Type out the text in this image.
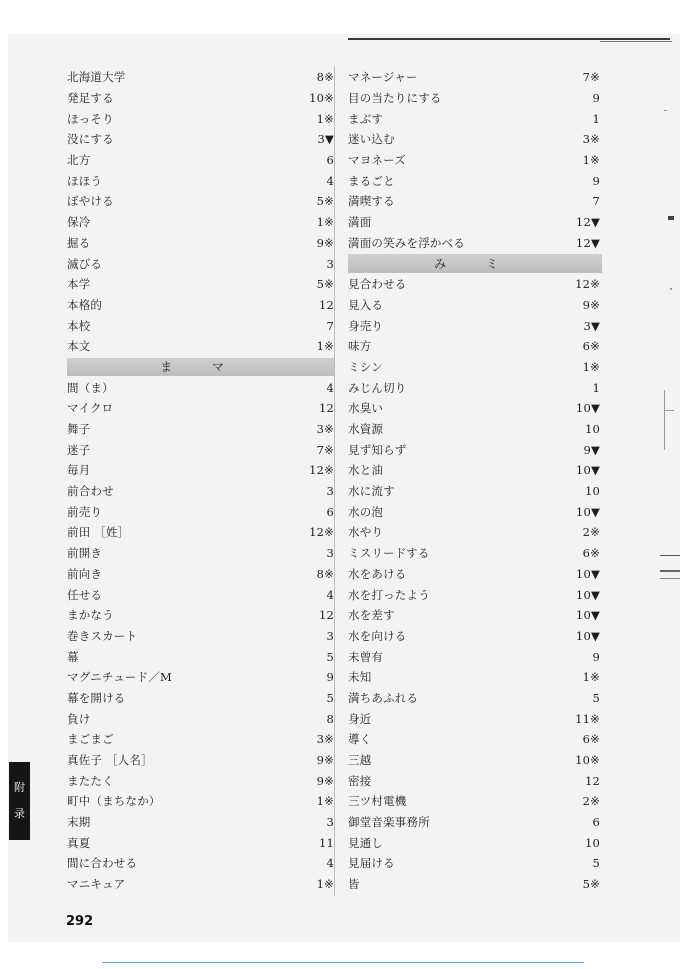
北海道大学	8※
発足する	10※
ほっそり	1※
没にする	3▼
北方	6
ほほう	4
ぼやける	5※
保冷	1※
掘る	9※
滅びる	3
本学	5※
本格的	12
本校	7
本文	1※
ま マ
間（ま）	4
マイクロ	12
舞子	3※
迷子	7※
毎月	12※
前合わせ	3
前売り	6
前田 ［姓］	12※
前開き	3
前向き	8※
任せる	4
まかなう	12
巻きスカート	3
幕	5
マグニチュード／M	9
幕を開ける	5
負け	8
まごまご	3※
真佐子 ［人名］	9※
またたく	9※
町中（まちなか）	1※
末期	3
真夏	11
間に合わせる	4
マニキュア	1※
マネージャー	7※
目の当たりにする	9
まぶす	1
迷い込む	3※
マヨネーズ	1※
まるごと	9
満喫する	7
満面	12▼
満面の笑みを浮かべる	12▼
み ミ
見合わせる	12※
見入る	9※
身売り	3▼
味方	6※
ミシン	1※
みじん切り	1
水臭い	10▼
水資源	10
見ず知らず	9▼
水と油	10▼
水に流す	10
水の泡	10▼
水やり	2※
ミスリードする	6※
水をあける	10▼
水を打ったよう	10▼
水を差す	10▼
水を向ける	10▼
未曾有	9
未知	1※
満ちあふれる	5
身近	11※
導く	6※
三越	10※
密接	12
三ツ村電機	2※
御堂音楽事務所	6
見通し	10
見届ける	5
皆	5※
附
录
292
